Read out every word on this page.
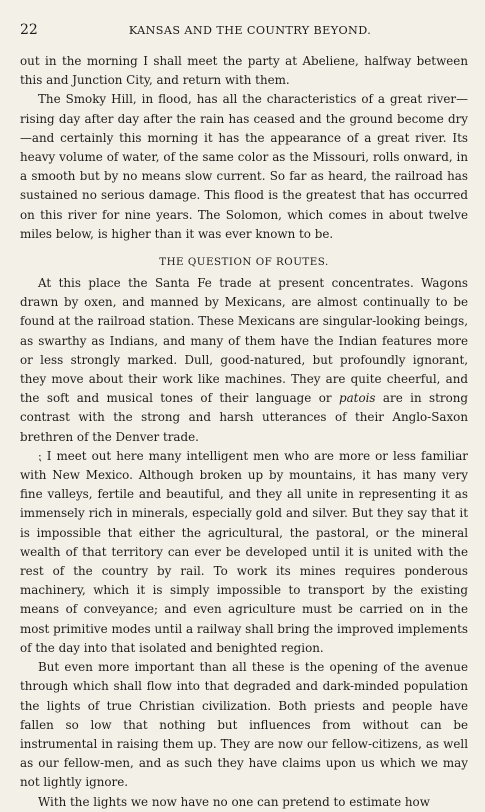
22	KANSAS AND THE COUNTRY BEYOND.

out in the morning I shall meet the party at Abeliene, halfway between this and Junction City, and return with them.

The Smoky Hill, in flood, has all the characteristics of a great river—rising day after day after the rain has ceased and the ground become dry—and certainly this morning it has the appearance of a great river. Its heavy volume of water, of the same color as the Missouri, rolls onward, in a smooth but by no means slow current. So far as heard, the railroad has sustained no serious damage. This flood is the greatest that has occurred on this river for nine years. The Solomon, which comes in about twelve miles below, is higher than it was ever known to be.

THE QUESTION OF ROUTES.

At this place the Santa Fe trade at present concentrates. Wagons drawn by oxen, and manned by Mexicans, are almost continually to be found at the railroad station. These Mexicans are singular-looking beings, as swarthy as Indians, and many of them have the Indian features more or less strongly marked. Dull, good-natured, but profoundly ignorant, they move about their work like machines. They are quite cheerful, and the soft and musical tones of their language or patois are in strong contrast with the strong and harsh utterances of their Anglo-Saxon brethren of the Denver trade.

⁏ I meet out here many intelligent men who are more or less familiar with New Mexico. Although broken up by mountains, it has many very fine valleys, fertile and beautiful, and they all unite in representing it as immensely rich in minerals, especially gold and silver. But they say that it is impossible that either the agricultural, the pastoral, or the mineral wealth of that territory can ever be developed until it is united with the rest of the country by rail. To work its mines requires ponderous machinery, which it is simply impossible to transport by the existing means of conveyance; and even agriculture must be carried on in the most primitive modes until a railway shall bring the improved implements of the day into that isolated and benighted region.

But even more important than all these is the opening of the avenue through which shall flow into that degraded and dark-minded population the lights of true Christian civilization. Both priests and people have fallen so low that nothing but influences from without can be instrumental in raising them up. They are now our fellow-citizens, as well as our fellow-men, and as such they have claims upon us which we may not lightly ignore.

With the lights we now have no one can pretend to estimate how
